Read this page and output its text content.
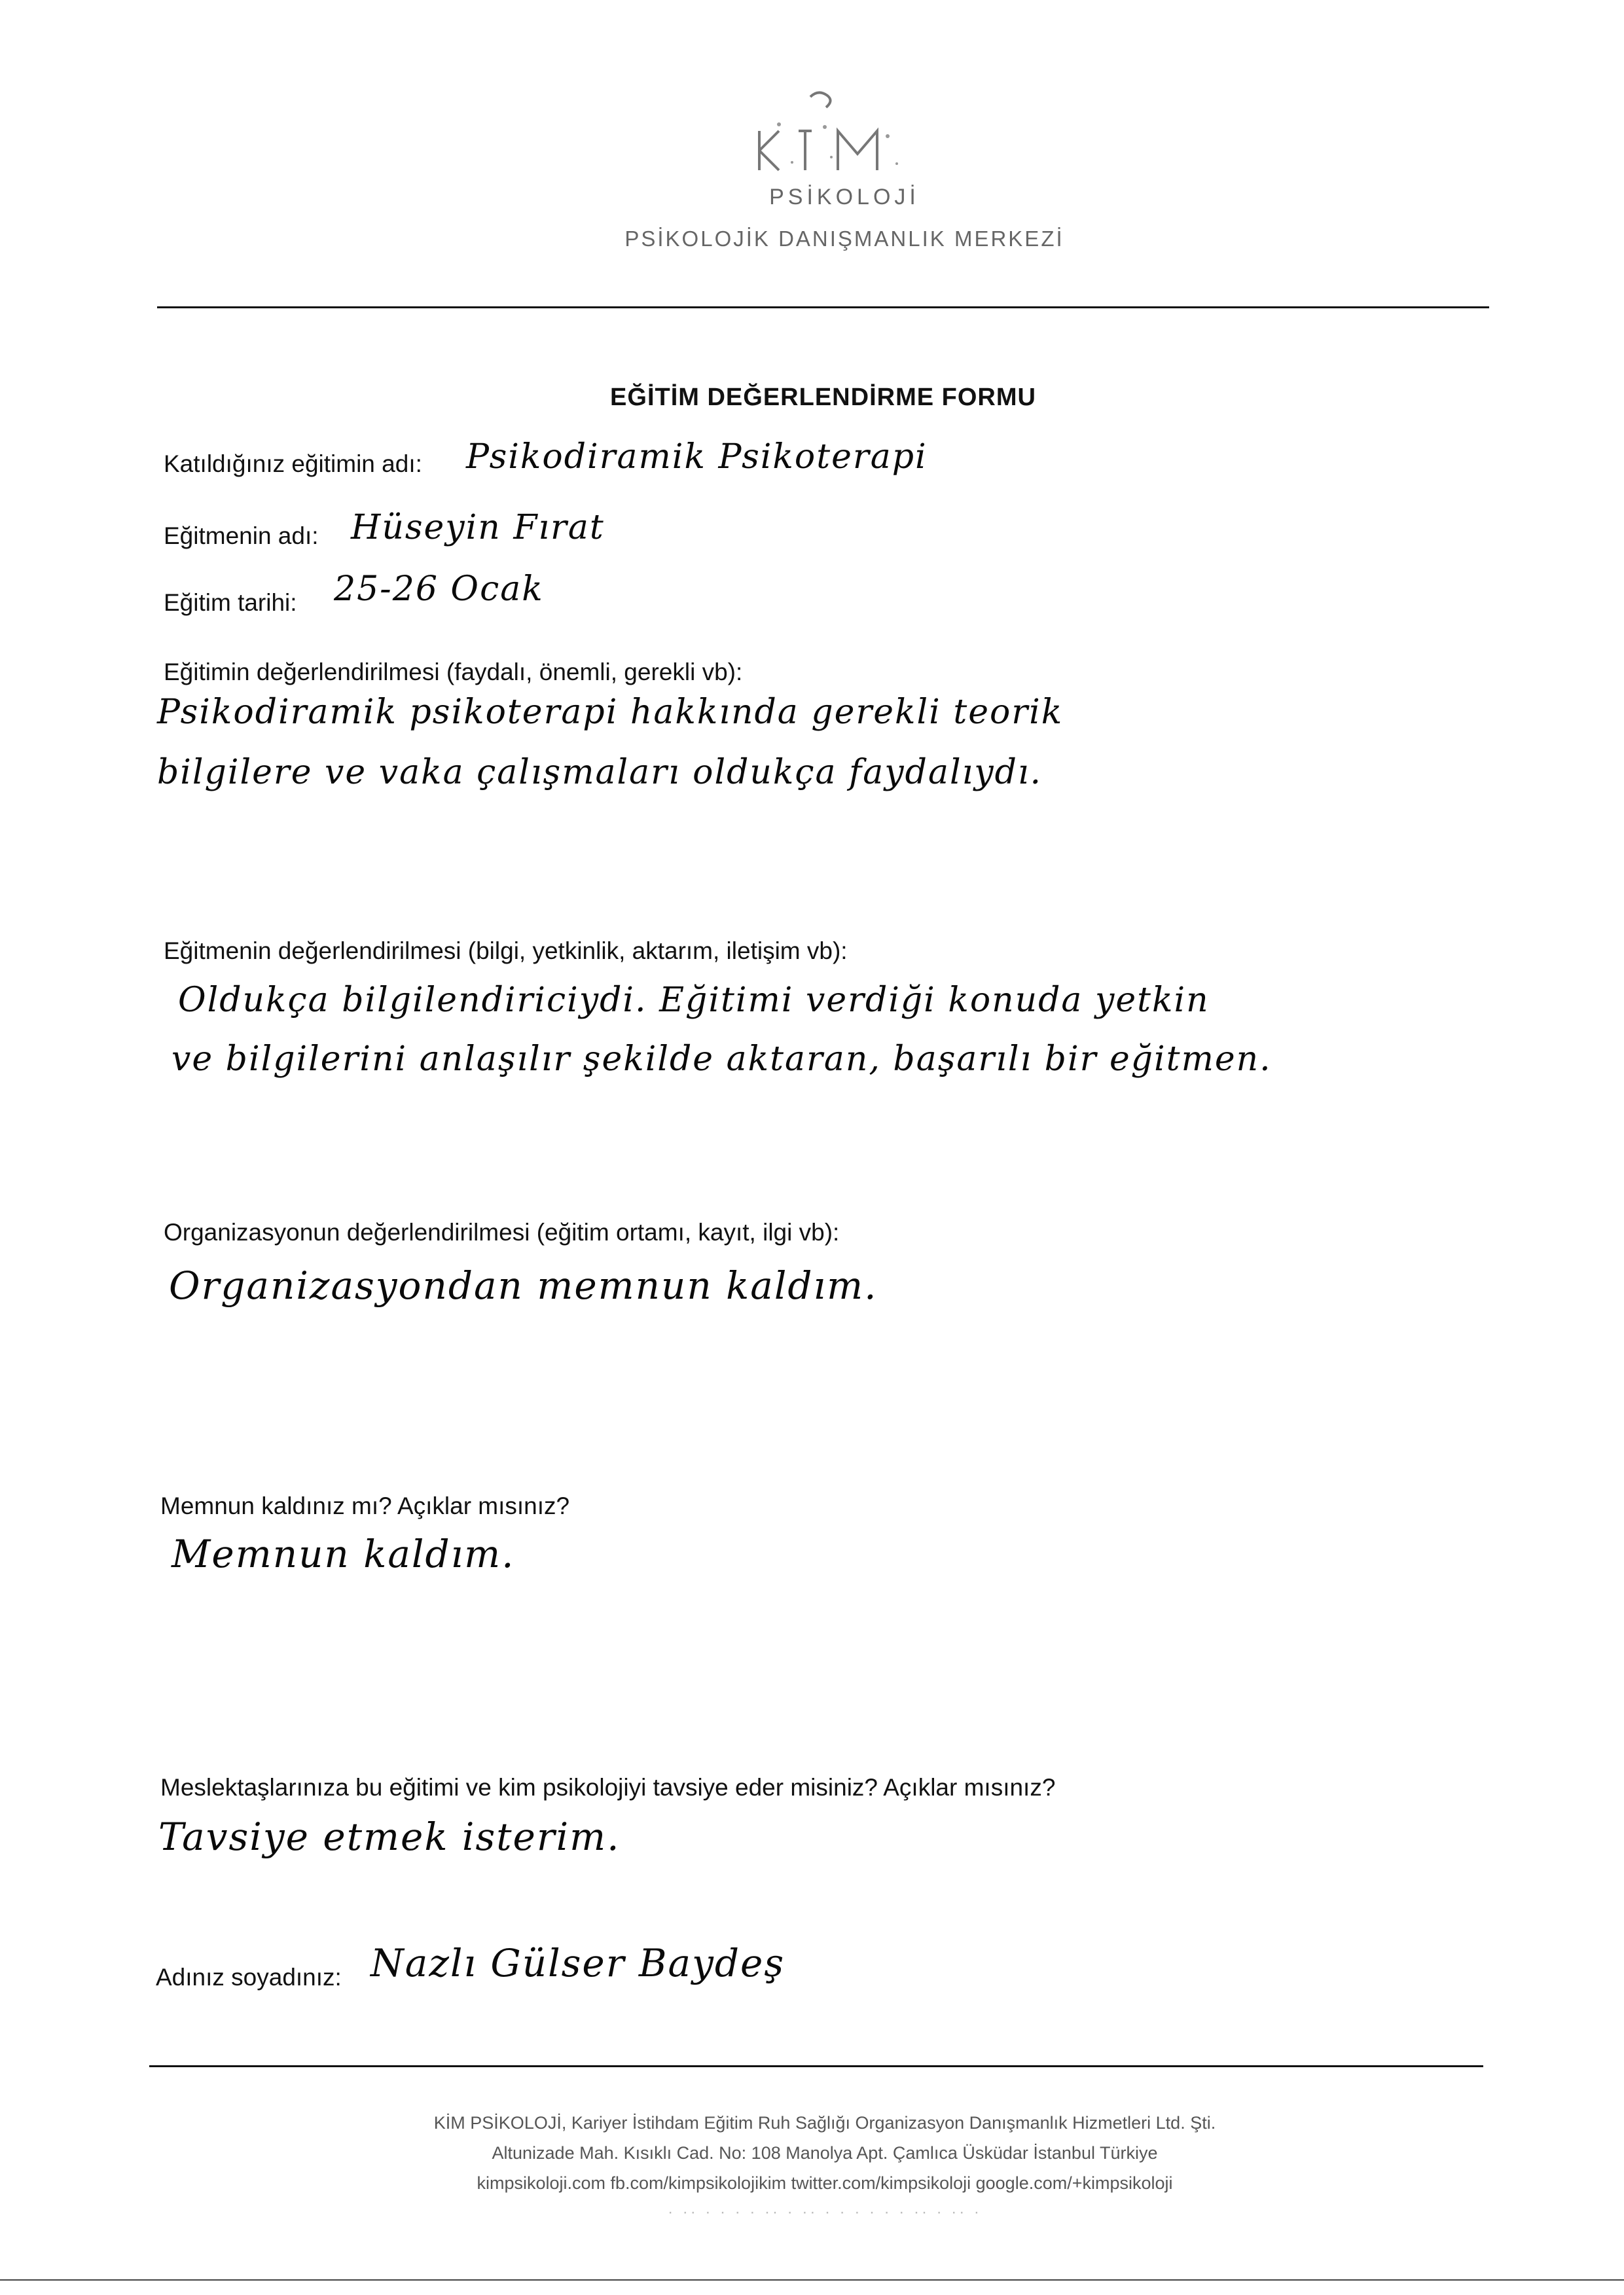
PSİKOLOJİ
PSİKOLOJİK DANIŞMANLIK MERKEZİ
EĞİTİM DEĞERLENDİRME FORMU
Katıldığınız eğitimin adı: Psikodiramik Psikoterapi
Eğitmenin adı: Hüseyin Fırat
Eğitim tarihi: 25-26 Ocak
Eğitimin değerlendirilmesi (faydalı, önemli, gerekli vb):
Psikodiramik psikoterapi hakkında gerekli teorik
bilgilere ve vaka çalışmaları oldukça faydalıydı.
Eğitmenin değerlendirilmesi (bilgi, yetkinlik, aktarım, iletişim vb):
Oldukça bilgilendiriciydi. Eğitimi verdiği konuda yetkin
ve bilgilerini anlaşılır şekilde aktaran, başarılı bir eğitmen.
Organizasyonun değerlendirilmesi (eğitim ortamı, kayıt, ilgi vb):
Organizasyondan memnun kaldım.
Memnun kaldınız mı? Açıklar mısınız?
Memnun kaldım.
Meslektaşlarınıza bu eğitimi ve kim psikolojiyi tavsiye eder misiniz? Açıklar mısınız?
Tavsiye etmek isterim.
Adınız soyadınız: Nazlı Gülser Baydeş
KİM PSİKOLOJİ, Kariyer İstihdam Eğitim Ruh Sağlığı Organizasyon Danışmanlık Hizmetleri Ltd. Şti.
Altunizade Mah. Kısıklı Cad. No: 108 Manolya Apt. Çamlıca Üsküdar İstanbul Türkiye
kimpsikoloji.com fb.com/kimpsikolojikim twitter.com/kimpsikoloji google.com/+kimpsikoloji
· ·· · · · · ·· · ·· · · · · · · ·· · ·· ·
